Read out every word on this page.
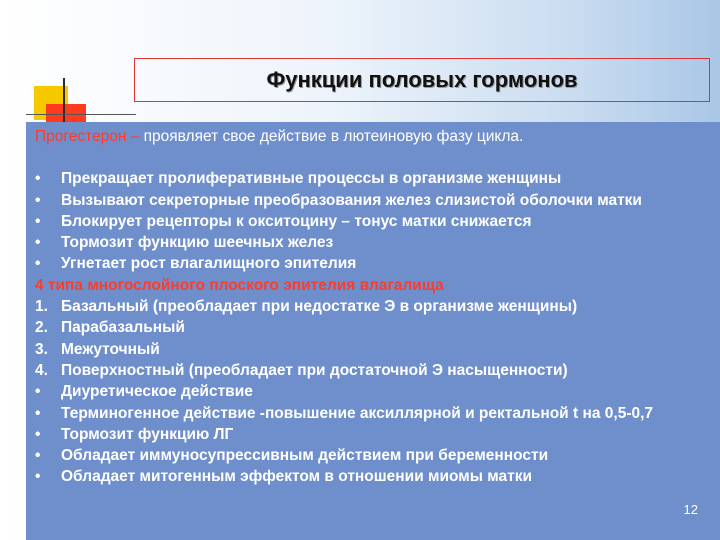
Функции половых гормонов

Прогестерон – проявляет свое действие в лютеиновую фазу цикла.

•	Прекращает пролиферативные процессы в организме женщины
•	Вызывают секреторные преобразования желез слизистой оболочки матки
•	Блокирует рецепторы к окситоцину – тонус матки снижается
•	Тормозит функцию шеечных желез
•	Угнетает рост влагалищного эпителия
4 типа многослойного плоского эпителия влагалища
1. Базальный (преобладает при недостатке Э в организме женщины)
2. Парабазальный
3. Межуточный
4. Поверхностный (преобладает при достаточной Э насыщенности)
•	Диуретическое действие
•	Терминогенное действие -повышение аксиллярной и ректальной t на 0,5-0,7
•	Тормозит функцию ЛГ
•	Обладает иммуносупрессивным действием при беременности
•	Обладает митогенным эффектом в отношении миомы матки
12
